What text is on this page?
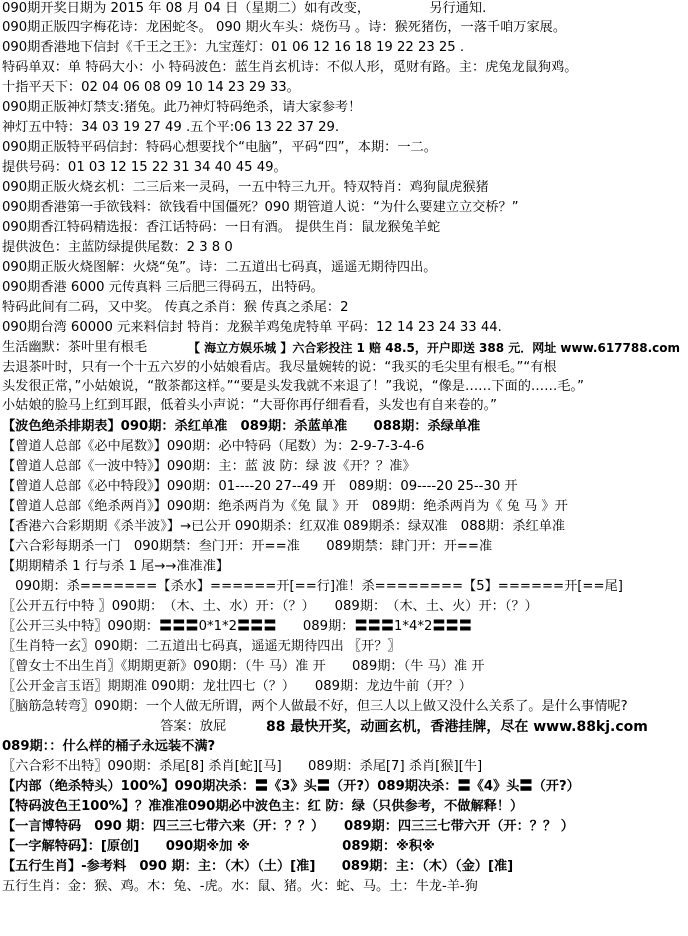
090期开奖日期为 2015 年 08 月 04 日（星期二）如有改变，　　　　　另行通知.
090期正版四字梅花诗：龙困蛇冬。 090 期火车头：烧伤马 。诗：猴死猪伤，一落千咱万家展。
090期香港地下信封《千王之王》：九宝莲灯：01 06 12 16 18 19 22 23 25 .
特码单双：单 特码大小：小 特码波色：蓝生肖玄机诗：不似人形，觅财有路。主：虎兔龙鼠狗鸡。
十指平天下：02 04 06 08 09 10 14 23 29 33。
090期正版神灯禁支:猪兔。此乃神灯特码绝杀，请大家参考！
神灯五中特：34 03 19 27 49 .五个平:06 13 22 37 29.
090期正版特平码信封：特码心想要找个“电脑”，平码“四”，本期：一二。
提供号码：01 03 12 15 22 31 34 40 45 49。
090期正版火烧玄机：二三后来一灵码，一五中特三九开。特双特肖：鸡狗鼠虎猴猪
090期香港第一手欲钱料：欲钱看中国僵死？090 期管道人说：“为什么要建立立交桥？”
090期香江特码精选报：香江话特码：一日有酒。 提供生肖：鼠龙猴兔羊蛇
提供波色：主蓝防绿提供尾数：2 3 8 0
090期正版火烧图解：火烧“兔”。诗：二五道出七码真，遥遥无期待四出。
090期香港 6000 元传真料 三后肥三得码五，出特码。
特码此间有二码，又中奖。 传真之杀肖：猴 传真之杀尾：2
090期台湾 60000 元来料信封 特肖：龙猴羊鸡兔虎特单 平码：12 14 23 24 33 44.
生活幽默：茶叶里有根毛	【 海立方娱乐城 】六合彩投注 1 赔 48.5，开户即送 388 元．网址 www.617788.com
去退茶叶时，只有一个十五六岁的小姑娘看店。我尽量婉转的说：“我买的毛尖里有根毛。”“有根
头发很正常，”小姑娘说，“散茶都这样。”“要是头发我就不来退了！”我说，“像是……下面的……毛。”
小姑娘的脸马上红到耳跟，低着头小声说：“大哥你再仔细看看，头发也有自来卷的。”
【波色绝杀排期表】090期：杀红单准　089期：杀蓝单准　　088期：杀绿单准
【曾道人总部《必中尾数》】090期：必中特码（尾数）为：2-9-7-3-4-6
【曾道人总部《一波中特》】090期：主：蓝 波 防：绿 波《开？？准》
【曾道人总部《必中特段》】090期：01----20 27--49 开　089期：09----20 25--30 开
【曾道人总部《绝杀两肖》】090期：绝杀两肖为《兔 鼠 》开　089期：绝杀两肖为《 兔 马 》开
【香港六合彩期期《杀半波》】→已公开 090期杀：红双准 089期杀：绿双准　088期：杀红单准
【六合彩每期杀一门　090期禁：叁门开：开==准　　089期禁：肆门开：开==准
【期期精杀 1 行与杀 1 尾→→准准准】
　090期：杀=======【杀水】======开[==行]准！杀========【5】======开[==尾]
〖公开五行中特 〗090期：　（木、土、水）开：（？）　　089期：　（木、土、火）开：（？）
〖公开三头中特〗090期：〓〓〓0*1*2〓〓〓　　089期：〓〓〓1*4*2〓〓〓
〖生肖特一玄〗090期：二五道出七码真，遥遥无期待四出 〖开？〗
〖曾女士不出生肖〗《期期更新》090期：（牛 马）准 开　　089期：（牛 马）准 开
〖公开金言玉语〗期期准 090期：龙壮四七（？）　　089期：龙边牛前（开？）
〖脑筋急转弯〗090期：一个人做无所谓，两个人做最不好，但三人以上做又没什么关系了。是什么事情呢?
　　　　　　　　　　　　答案：放屁	88 最快开奖，动画玄机，香港挂牌，尽在 www.88kj.com
089期：：什么样的桶子永远装不满?
〖六合彩不出特〗090期：杀尾[8] 杀肖[蛇][马]　　089期：杀尾[7] 杀肖[猴][牛]
【内部（绝杀特头）100%】090期决杀：〓《3》头〓（开?）089期决杀：〓《4》头〓（开?）
【特码波色王100%】？准准准090期必中波色主：红 防：绿（只供参考，不做解释！）
【一言博特码　090 期：四三三七带六来（开：？？）　　089期：四三三七带六开（开：？？ ）
【一字解特码】：[原创]　　090期※加 ※　　　　　　　089期：※积※
【五行生肖】-参考料　090 期：主：（木）（土）[准]　　089期：主：（木）（金）[准]
五行生肖：金：猴、鸡。木：兔、-虎。水：鼠、猪。火：蛇、马。土：牛龙-羊-狗
